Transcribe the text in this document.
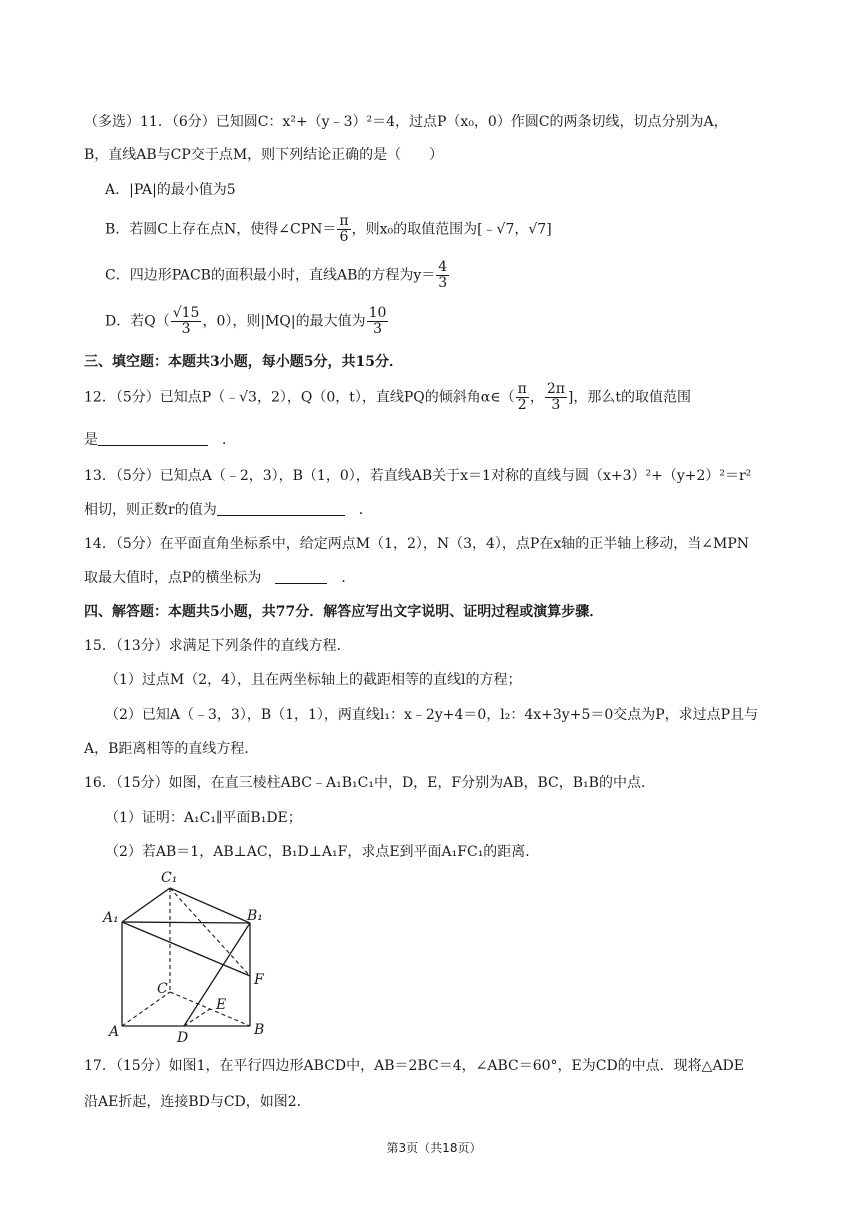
（多选）11．（6分）已知圆C：x²+（y﹣3）²＝4，过点P（x₀，0）作圆C的两条切线，切点分别为A，
B，直线AB与CP交于点M，则下列结论正确的是（　　）
A．|PA|的最小值为5
B．若圆C上存在点N，使得∠CPN＝ $\frac{\pi}{6}$ ，则x₀的取值范围为[﹣√7，√7]
C．四边形PACB的面积最小时，直线AB的方程为$y= \frac{4}{3}$
D．若$Q( \frac{√15}{3}$ ，0），则|MQ|的最大值为 $\frac{10}{3}$
三、填空题：本题共3小题，每小题5分，共15分．
12．（5分）已知点P（﹣√3，2），Q（0，t），直线PQ的倾斜角α∈（ $\frac{\pi}{2}$ ， $\frac{2\pi}{3}$ ]，那么t的取值范围
是　	．
13．（5分）已知点A（﹣2，3），B（1，0），若直线AB关于x＝1对称的直线与圆（x+3）²+（y+2）²＝r²
相切，则正数r的值为　	．
14．（5分）在平面直角坐标系中，给定两点M（1，2），N（3，4），点P在x轴的正半轴上移动，当∠MPN
取最大值时，点P的横坐标为　　	．
四、解答题：本题共5小题，共77分．解答应写出文字说明、证明过程或演算步骤．
15．（13分）求满足下列条件的直线方程．
（1）过点M（2，4），且在两坐标轴上的截距相等的直线l的方程；
（2）已知A（﹣3，3），B（1，1），两直线l₁：x﹣2y+4＝0，l₂：4x+3y+5＝0交点为P，求过点P且与
A，B距离相等的直线方程．
16．（15分）如图，在直三棱柱ABC﹣A₁B₁C₁中，D，E，F分别为AB，BC，B₁B的中点．
（1）证明：A₁C₁∥平面B₁DE；
（2）若AB＝1，AB⊥AC，B₁D⊥A₁F，求点E到平面A₁FC₁的距离．
C₁
A₁	B₁
F
C
E
A	D	B
17．（15分）如图1，在平行四边形ABCD中，AB＝2BC＝4，∠ABC＝60°，E为CD的中点．现将△ADE
沿AE折起，连接BD与CD，如图2．
第3页（共18页）
